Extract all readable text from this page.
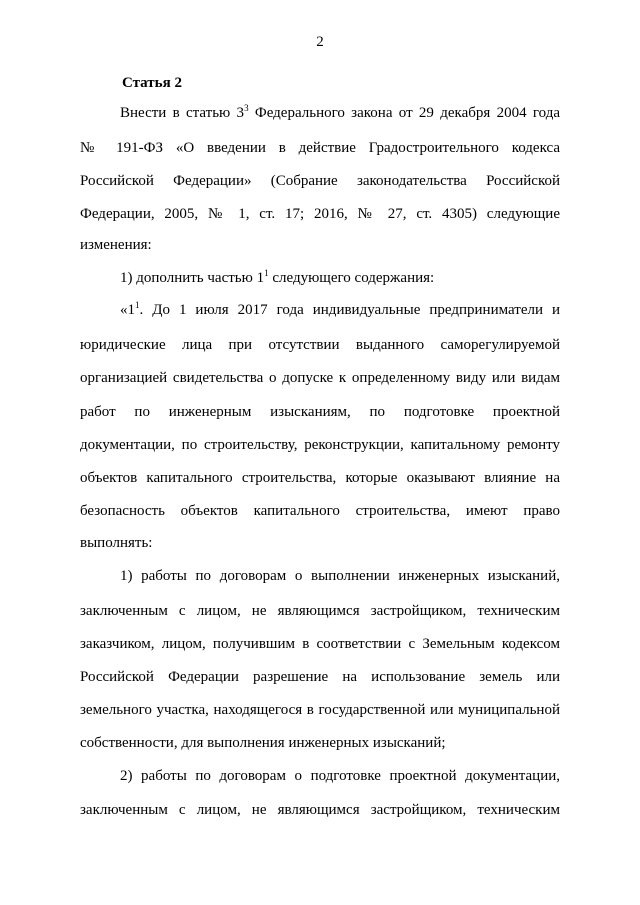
2
Статья 2
Внести в статью $3^3$ Федерального закона от 29 декабря 2004 года
№ 191-ФЗ «О введении в действие Градостроительного кодекса
Российской Федерации» (Собрание законодательства Российской
Федерации, 2005, № 1, ст. 17; 2016, № 27, ст. 4305) следующие
изменения:
1) дополнить частью $1^1$ следующего содержания:
«$1^1$. До 1 июля 2017 года индивидуальные предприниматели и
юридические лица при отсутствии выданного саморегулируемой
организацией свидетельства о допуске к определенному виду или видам
работ по инженерным изысканиям, по подготовке проектной
документации, по строительству, реконструкции, капитальному ремонту
объектов капитального строительства, которые оказывают влияние на
безопасность объектов капитального строительства, имеют право
выполнять:
1) работы по договорам о выполнении инженерных изысканий,
заключенным с лицом, не являющимся застройщиком, техническим
заказчиком, лицом, получившим в соответствии с Земельным кодексом
Российской Федерации разрешение на использование земель или
земельного участка, находящегося в государственной или муниципальной
собственности, для выполнения инженерных изысканий;
2) работы по договорам о подготовке проектной документации,
заключенным с лицом, не являющимся застройщиком, техническим
